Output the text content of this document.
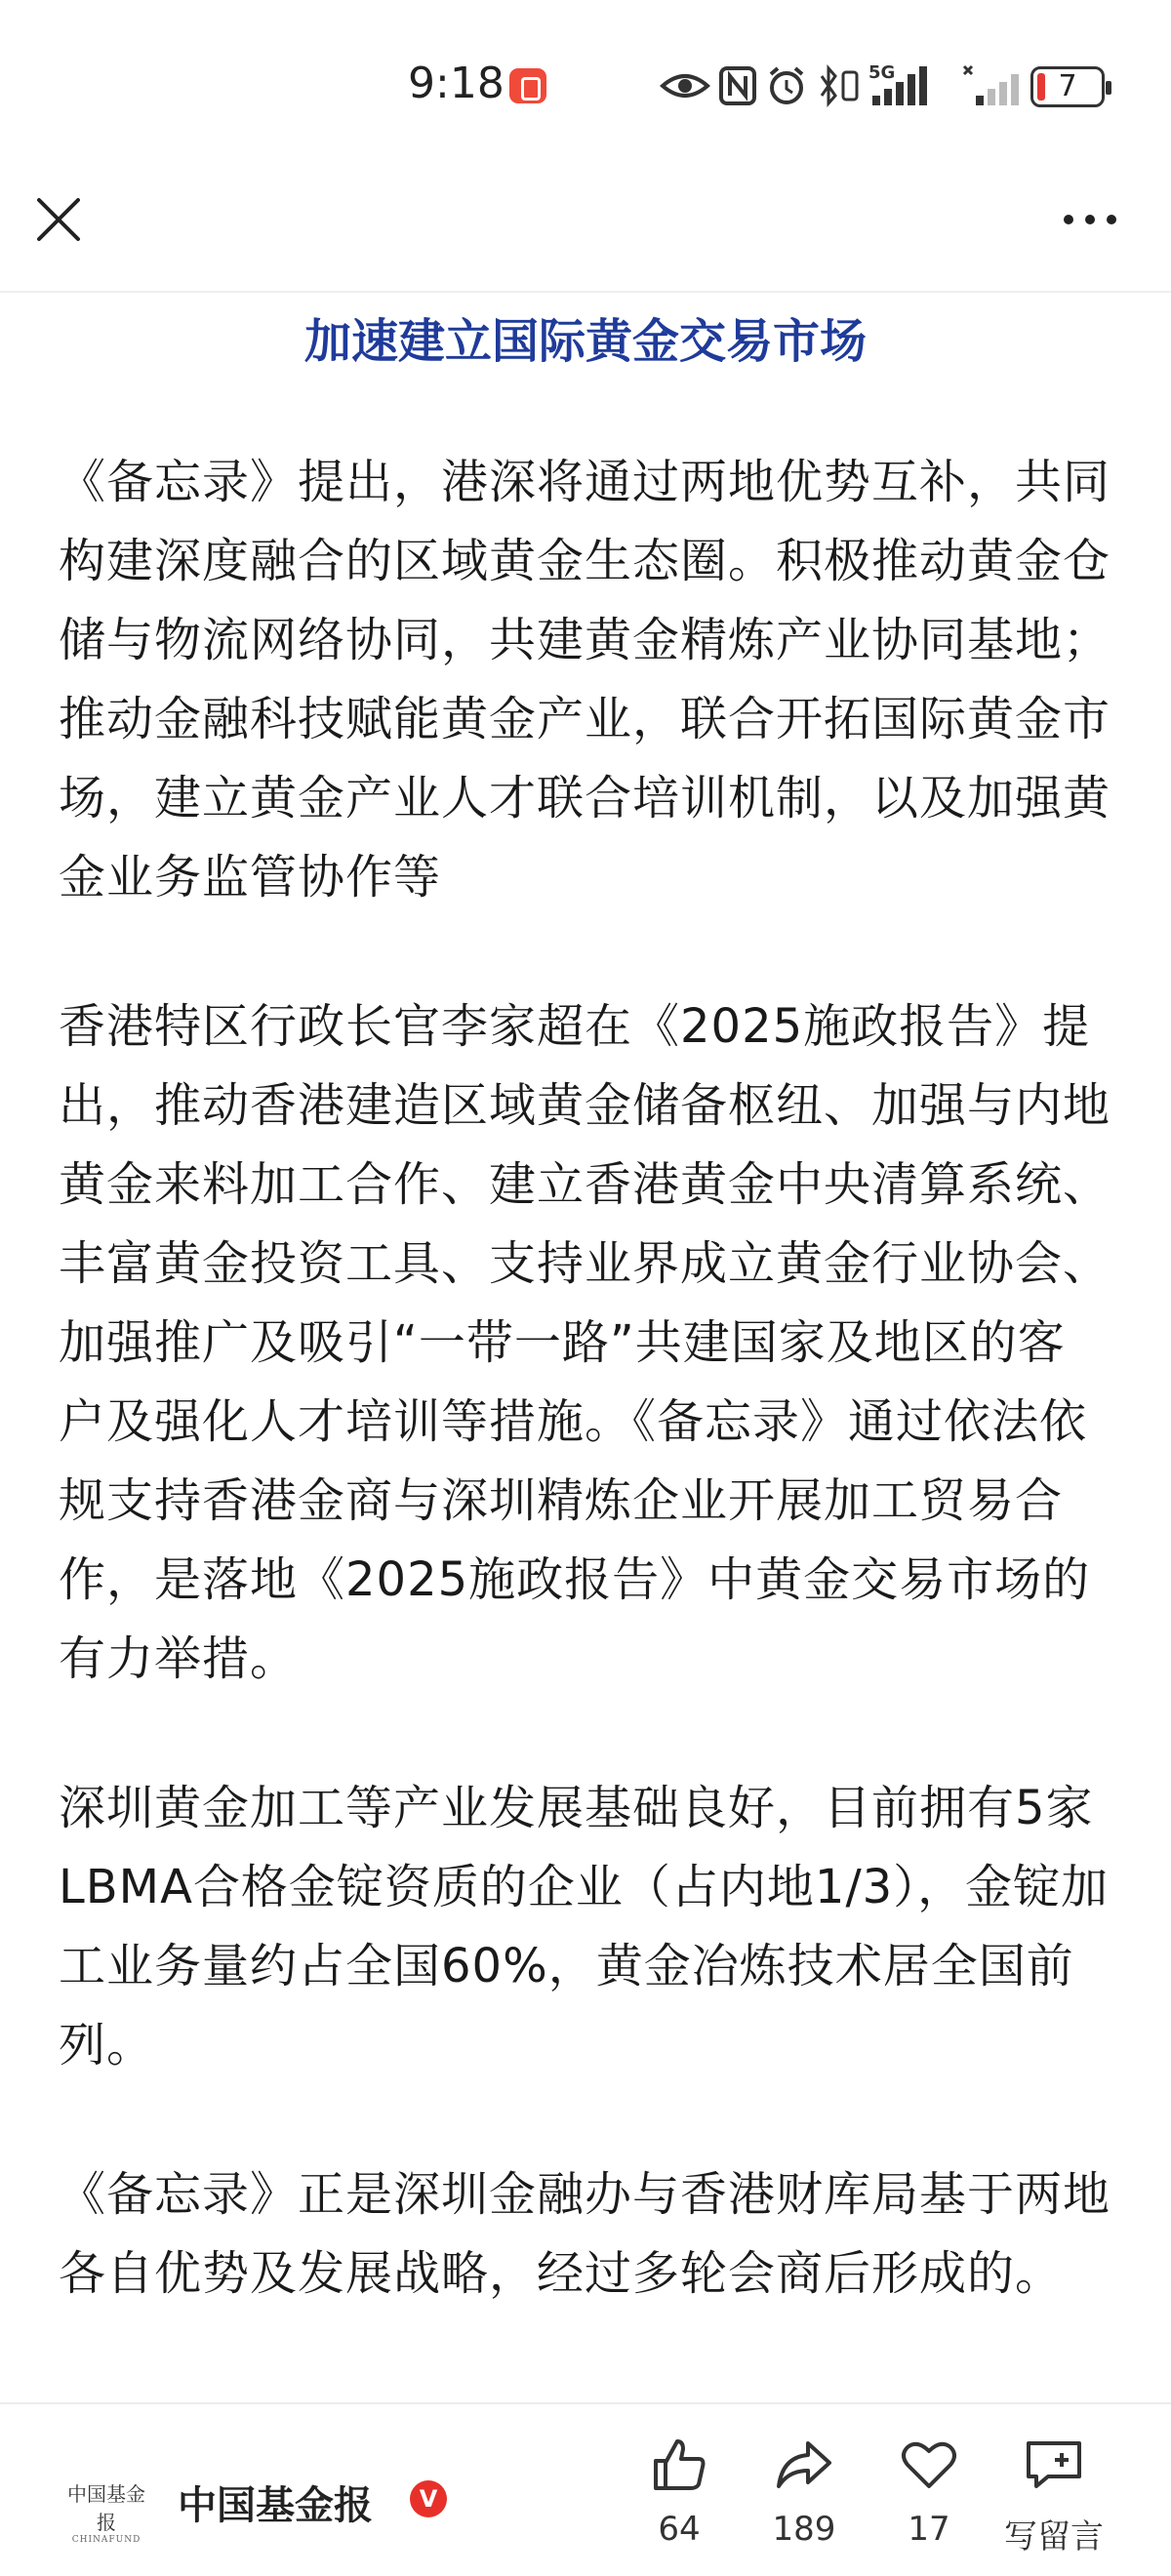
9:18	5G	7
加速建立国际黄金交易市场

《备忘录》提出，港深将通过两地优势互补，共同构建深度融合的区域黄金生态圈。积极推动黄金仓储与物流网络协同，共建黄金精炼产业协同基地；推动金融科技赋能黄金产业，联合开拓国际黄金市场，建立黄金产业人才联合培训机制，以及加强黄金业务监管协作等

香港特区行政长官李家超在《2025施政报告》提出，推动香港建造区域黄金储备枢纽、加强与内地黄金来料加工合作、建立香港黄金中央清算系统、丰富黄金投资工具、支持业界成立黄金行业协会、加强推广及吸引“一带一路”共建国家及地区的客户及强化人才培训等措施。《备忘录》通过依法依规支持香港金商与深圳精炼企业开展加工贸易合作，是落地《2025施政报告》中黄金交易市场的有力举措。

深圳黄金加工等产业发展基础良好，目前拥有5家LBMA合格金锭资质的企业（占内地1/3），金锭加工业务量约占全国60%，黄金冶炼技术居全国前列。

《备忘录》正是深圳金融办与香港财库局基于两地各自优势及发展战略，经过多轮会商后形成的。

中国基金报
CHINAFUND
中国基金报	V
64	189	17	写留言
